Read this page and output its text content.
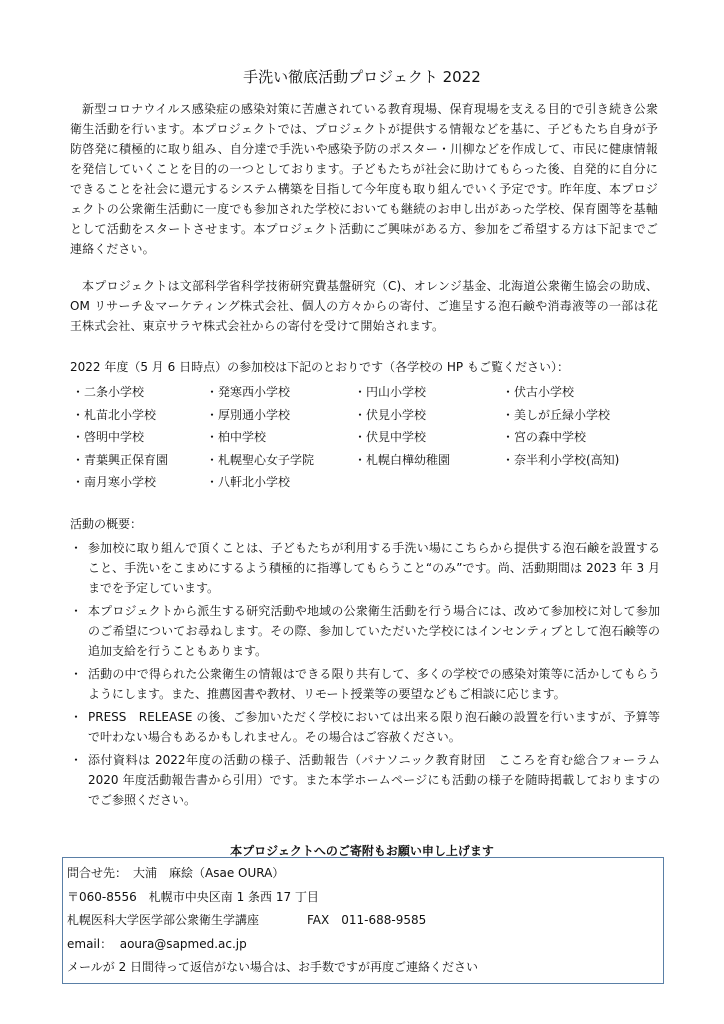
手洗い徹底活動プロジェクト 2022

新型コロナウイルス感染症の感染対策に苦慮されている教育現場、保育現場を支える目的で引き続き公衆衛生活動を行います。本プロジェクトでは、プロジェクトが提供する情報などを基に、子どもたち自身が予防啓発に積極的に取り組み、自分達で手洗いや感染予防のポスター・川柳などを作成して、市民に健康情報を発信していくことを目的の一つとしております。子どもたちが社会に助けてもらった後、自発的に自分にできることを社会に還元するシステム構築を目指して今年度も取り組んでいく予定です。昨年度、本プロジェクトの公衆衛生活動に一度でも参加された学校においても継続のお申し出があった学校、保育園等を基軸として活動をスタートさせます。本プロジェクト活動にご興味がある方、参加をご希望する方は下記までご連絡ください。

本プロジェクトは文部科学省科学技術研究費基盤研究（C)、オレンジ基金、北海道公衆衛生協会の助成、OM リサーチ＆マーケティング株式会社、個人の方々からの寄付、ご進呈する泡石鹸や消毒液等の一部は花王株式会社、東京サラヤ株式会社からの寄付を受けて開始されます。

2022 年度（5 月 6 日時点）の参加校は下記のとおりです（各学校の HP もご覧ください）：

・二条小学校	・発寒西小学校	・円山小学校	・伏古小学校
・札苗北小学校	・厚別通小学校	・伏見小学校	・美しが丘緑小学校
・啓明中学校	・柏中学校	・伏見中学校	・宮の森中学校
・青葉興正保育園	・札幌聖心女子学院	・札幌白樺幼稚園	・奈半利小学校(高知)
・南月寒小学校	・八軒北小学校

活動の概要：

・ 参加校に取り組んで頂くことは、子どもたちが利用する手洗い場にこちらから提供する泡石鹸を設置すること、手洗いをこまめにするよう積極的に指導してもらうこと“のみ”です。尚、活動期間は 2023 年 3 月までを予定しています。
・ 本プロジェクトから派生する研究活動や地域の公衆衛生活動を行う場合には、改めて参加校に対して参加のご希望についてお尋ねします。その際、参加していただいた学校にはインセンティブとして泡石鹸等の追加支給を行うこともあります。
・ 活動の中で得られた公衆衛生の情報はできる限り共有して、多くの学校での感染対策等に活かしてもらうようにします。また、推薦図書や教材、リモート授業等の要望などもご相談に応じます。
・ PRESS　RELEASE の後、ご参加いただく学校においては出来る限り泡石鹸の設置を行いますが、予算等で叶わない場合もあるかもしれません。その場合はご容赦ください。
・ 添付資料は 2022年度の活動の様子、活動報告（パナソニック教育財団　こころを育む総合フォーラム　2020 年度活動報告書から引用）です。また本学ホームページにも活動の様子を随時掲載しておりますのでご参照ください。

本プロジェクトへのご寄附もお願い申し上げます

問合せ先：　大浦　麻絵（Asae OURA）
〒060-8556　札幌市中央区南 1 条西 17 丁目
札幌医科大学医学部公衆衛生学講座　　　　FAX　011-688-9585
email：  aoura@sapmed.ac.jp
メールが 2 日間待って返信がない場合は、お手数ですが再度ご連絡ください
